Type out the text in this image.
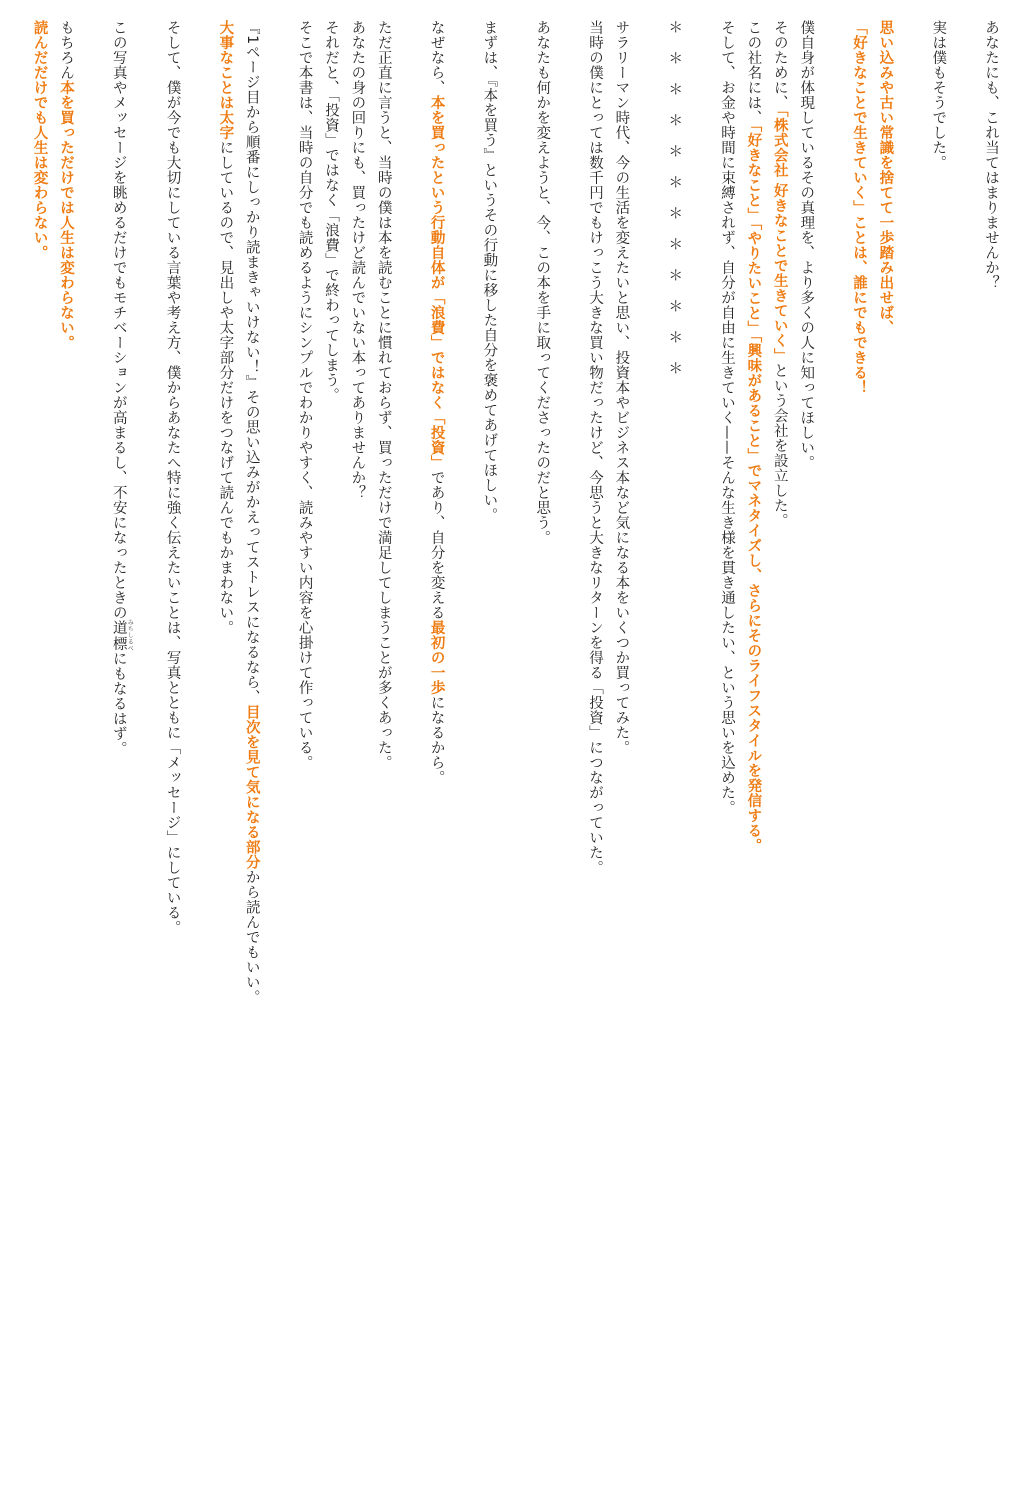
あなたにも、これ当てはまりませんか？

実は僕もそうでした。

思い込みや古い常識を捨てて一歩踏み出せば、

「好きなことで生きていく」ことは、誰にでもできる！

僕自身が体現しているその真理を、より多くの人に知ってほしい。

そのために、「株式会社 好きなことで生きていく」という会社を設立した。

この社名には、「好きなこと」「やりたいこと」「興味があること」でマネタイズし、さらにそのライフスタイルを発信する。

そして、お金や時間に束縛されず、自分が自由に生きていく——そんな生き様を貫き通したい、という思いを込めた。

＊＊＊＊＊＊＊＊＊＊＊＊

サラリーマン時代、今の生活を変えたいと思い、投資本やビジネス本など気になる本をいくつか買ってみた。

当時の僕にとっては数千円でもけっこう大きな買い物だったけど、今思うと大きなリターンを得る「投資」につながっていた。

あなたも何かを変えようと、今、この本を手に取ってくださったのだと思う。

まずは、『本を買う』というその行動に移した自分を褒めてあげてほしい。

なぜなら、本を買ったという行動自体が「浪費」ではなく「投資」であり、自分を変える最初の一歩になるから。

ただ正直に言うと、当時の僕は本を読むことに慣れておらず、買っただけで満足してしまうことが多くあった。

あなたの身の回りにも、買ったけど読んでいない本ってありませんか？

それだと、「投資」ではなく「浪費」で終わってしまう。

そこで本書は、当時の自分でも読めるようにシンプルでわかりやすく、読みやすい内容を心掛けて作っている。

『1ページ目から順番にしっかり読まきゃいけない！』その思い込みがかえってストレスになるなら、目次を見て気になる部分から読んでもいい。

大事なことは太字にしているので、見出しや太字部分だけをつなげて読んでもかまわない。

そして、僕が今でも大切にしている言葉や考え方、僕からあなたへ特に強く伝えたいことは、写真とともに「メッセージ」にしている。

この写真やメッセージを眺めるだけでもモチベーションが高まるし、不安になったときの道標 みちしるべにもなるはず。

もちろん本を買っただけでは人生は変わらない。

読んだだけでも人生は変わらない。
